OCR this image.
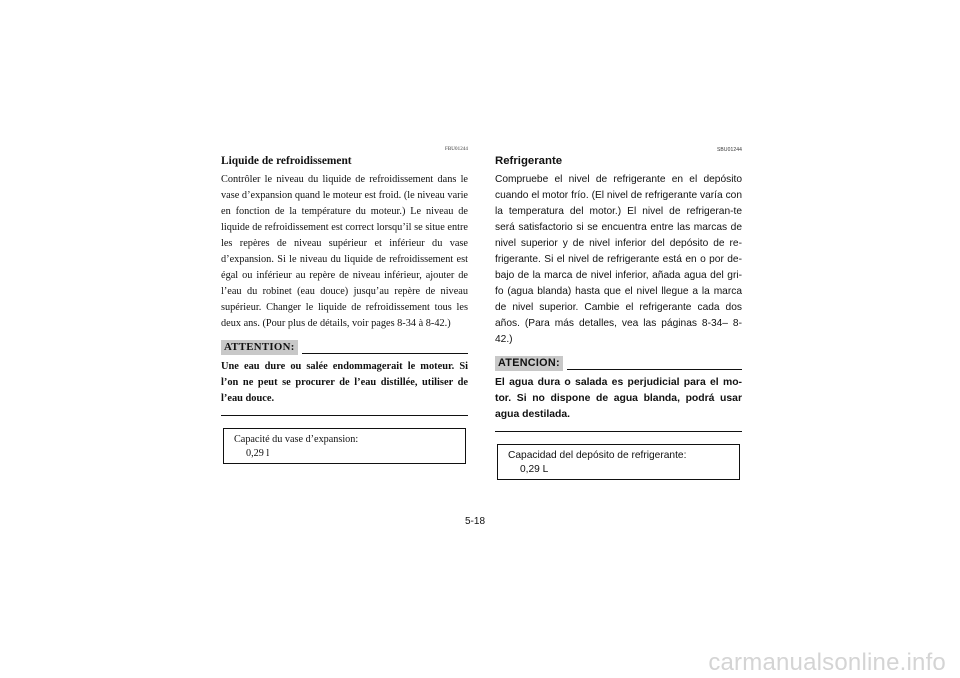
FBU01244
Liquide de refroidissement

Contrôler le niveau du liquide de refroidissement dans le vase d’expansion quand le moteur est froid. (le niveau varie en fonction de la température du moteur.) Le niveau de liquide de refroidissement est correct lorsqu’il se situe entre les repères de niveau supérieur et inférieur du vase d’expansion. Si le niveau du liquide de refroidissement est égal ou inférieur au repère de niveau inférieur, ajouter de l’eau du robinet (eau douce) jusqu’au repère de niveau supérieur. Changer le liquide de refroidissement tous les deux ans. (Pour plus de détails, voir pages 8-34 à 8-42.)

ATTENTION:

Une eau dure ou salée endommagerait le moteur. Si l’on ne peut se procurer de l’eau distillée, utiliser de l’eau douce.

Capacité du vase d’expansion:
0,29 l
SBU01244
Refrigerante

Compruebe el nivel de refrigerante en el depósito cuando el motor frío. (El nivel de refrigerante varía con la temperatura del motor.) El nivel de refrigeran-te será satisfactorio si se encuentra entre las marcas de nivel superior y de nivel inferior del depósito de re-frigerante. Si el nivel de refrigerante está en o por de-bajo de la marca de nivel inferior, añada agua del gri-fo (agua blanda) hasta que el nivel llegue a la marca de nivel superior. Cambie el refrigerante cada dos años. (Para más detalles, vea las páginas 8-34– 8-42.)

ATENCION:

El agua dura o salada es perjudicial para el mo-tor. Si no dispone de agua blanda, podrá usar agua destilada.

Capacidad del depósito de refrigerante:
0,29 L
5-18
carmanualsonline.info
